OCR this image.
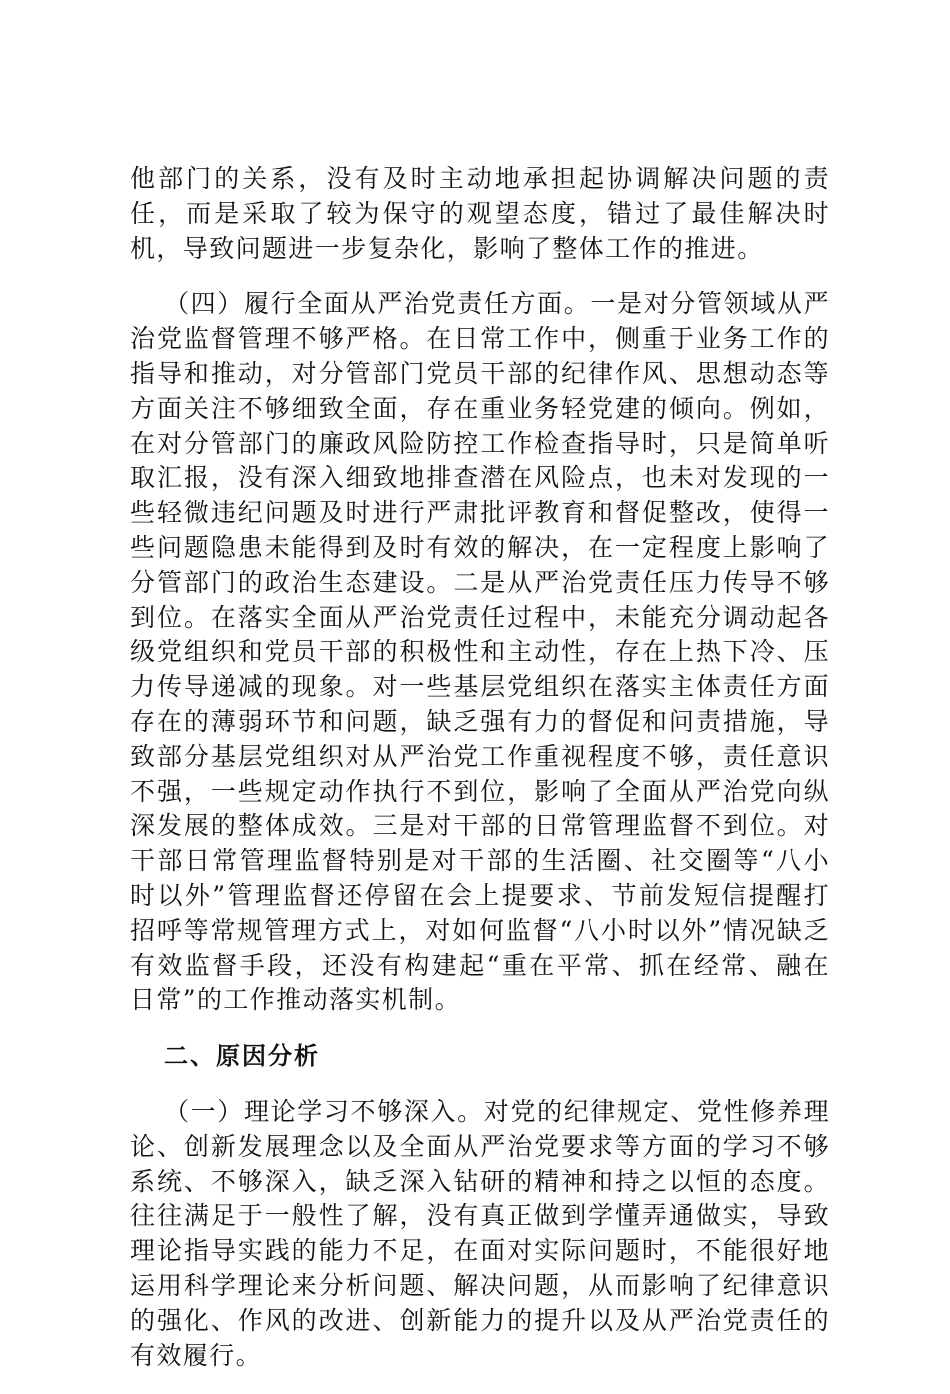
他部门的关系，没有及时主动地承担起协调解决问题的责任，而是采取了较为保守的观望态度，错过了最佳解决时机，导致问题进一步复杂化，影响了整体工作的推进。

（四）履行全面从严治党责任方面。一是对分管领域从严治党监督管理不够严格。在日常工作中，侧重于业务工作的指导和推动，对分管部门党员干部的纪律作风、思想动态等方面关注不够细致全面，存在重业务轻党建的倾向。例如，在对分管部门的廉政风险防控工作检查指导时，只是简单听取汇报，没有深入细致地排查潜在风险点，也未对发现的一些轻微违纪问题及时进行严肃批评教育和督促整改，使得一些问题隐患未能得到及时有效的解决，在一定程度上影响了分管部门的政治生态建设。二是从严治党责任压力传导不够到位。在落实全面从严治党责任过程中，未能充分调动起各级党组织和党员干部的积极性和主动性，存在上热下冷、压力传导递减的现象。对一些基层党组织在落实主体责任方面存在的薄弱环节和问题，缺乏强有力的督促和问责措施，导致部分基层党组织对从严治党工作重视程度不够，责任意识不强，一些规定动作执行不到位，影响了全面从严治党向纵深发展的整体成效。三是对干部的日常管理监督不到位。对干部日常管理监督特别是对干部的生活圈、社交圈等“八小时以外”管理监督还停留在会上提要求、节前发短信提醒打招呼等常规管理方式上，对如何监督“八小时以外”情况缺乏有效监督手段，还没有构建起“重在平常、抓在经常、融在日常”的工作推动落实机制。

二、原因分析

（一）理论学习不够深入。对党的纪律规定、党性修养理论、创新发展理念以及全面从严治党要求等方面的学习不够系统、不够深入，缺乏深入钻研的精神和持之以恒的态度。往往满足于一般性了解，没有真正做到学懂弄通做实，导致理论指导实践的能力不足，在面对实际问题时，不能很好地运用科学理论来分析问题、解决问题，从而影响了纪律意识的强化、作风的改进、创新能力的提升以及从严治党责任的有效履行。
